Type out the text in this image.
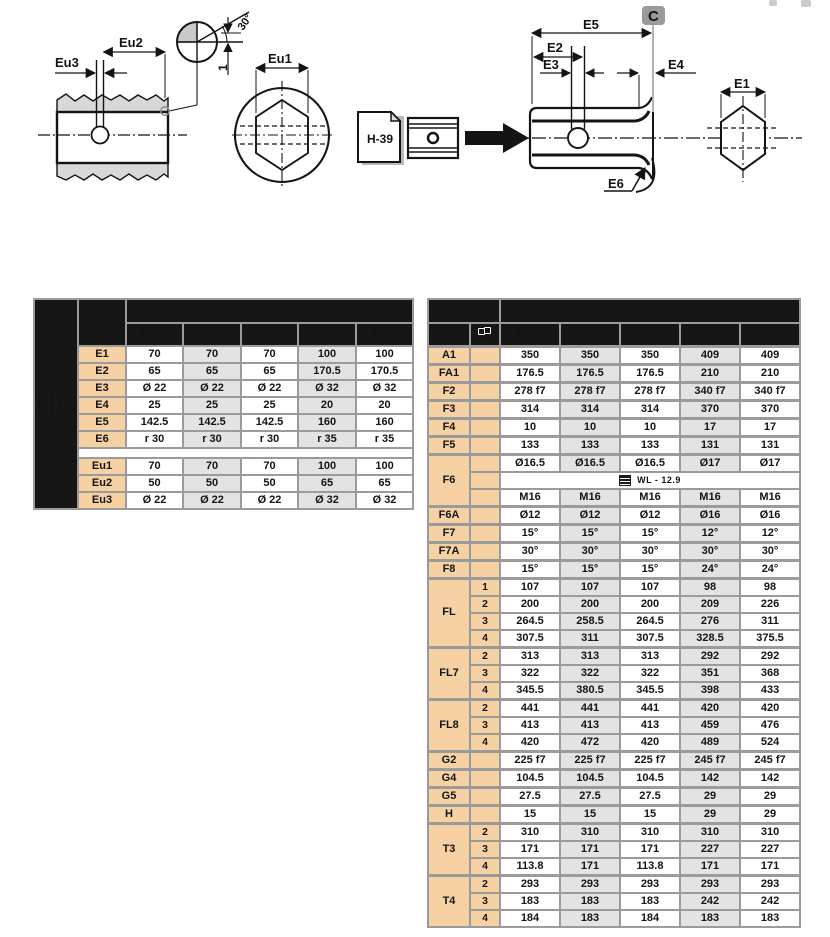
Eu3
Eu2
30°
1
Eu1
H-39
E5
E2
E3	E4
E6
C
E1
HE		RE - RA				
		1520	2000	2000L	2520	3000
	E1	70	70	70	100	100
	E2	65	65	65	170.5	170.5
	E3	Ø 22	Ø 22	Ø 22	Ø 32	Ø 32
	E4	25	25	25	20	20
	E5	142.5	142.5	142.5	160	160
	E6	r 30	r 30	r 30	r 35	r 35

	Eu1	70	70	70	100	100
	Eu2	50	50	50	65	65
	Eu3	Ø 22	Ø 22	Ø 22	Ø 32	Ø 32
		RE - RA				

	stages	1520	2000	2000L	2520	3000
A1		350	350	350	409	409
FA1		176.5	176.5	176.5	210	210
F2		278 f7	278 f7	278 f7	340 f7	340 f7
F3		314	314	314	370	370
F4		10	10	10	17	17
F5		133	133	133	131	131
F6		Ø16.5	Ø16.5	Ø16.5	Ø17	Ø17
		WL - 12.9				
		M16	M16	M16	M16	M16
F6A		Ø12	Ø12	Ø12	Ø16	Ø16
F7		15°	15°	15°	12°	12°
F7A		30°	30°	30°	30°	30°
F8		15°	15°	15°	24°	24°
FL	1	107	107	107	98	98
	2	200	200	200	209	226
	3	264.5	258.5	264.5	276	311
	4	307.5	311	307.5	328.5	375.5
FL7	2	313	313	313	292	292
	3	322	322	322	351	368
	4	345.5	380.5	345.5	398	433
FL8	2	441	441	441	420	420
	3	413	413	413	459	476
	4	420	472	420	489	524
G2		225 f7	225 f7	225 f7	245 f7	245 f7
G4		104.5	104.5	104.5	142	142
G5		27.5	27.5	27.5	29	29
H		15	15	15	29	29
T3	2	310	310	310	310	310
	3	171	171	171	227	227
	4	113.8	171	113.8	171	171
T4	2	293	293	293	293	293
	3	183	183	183	242	242
	4	184	183	184	183	183
